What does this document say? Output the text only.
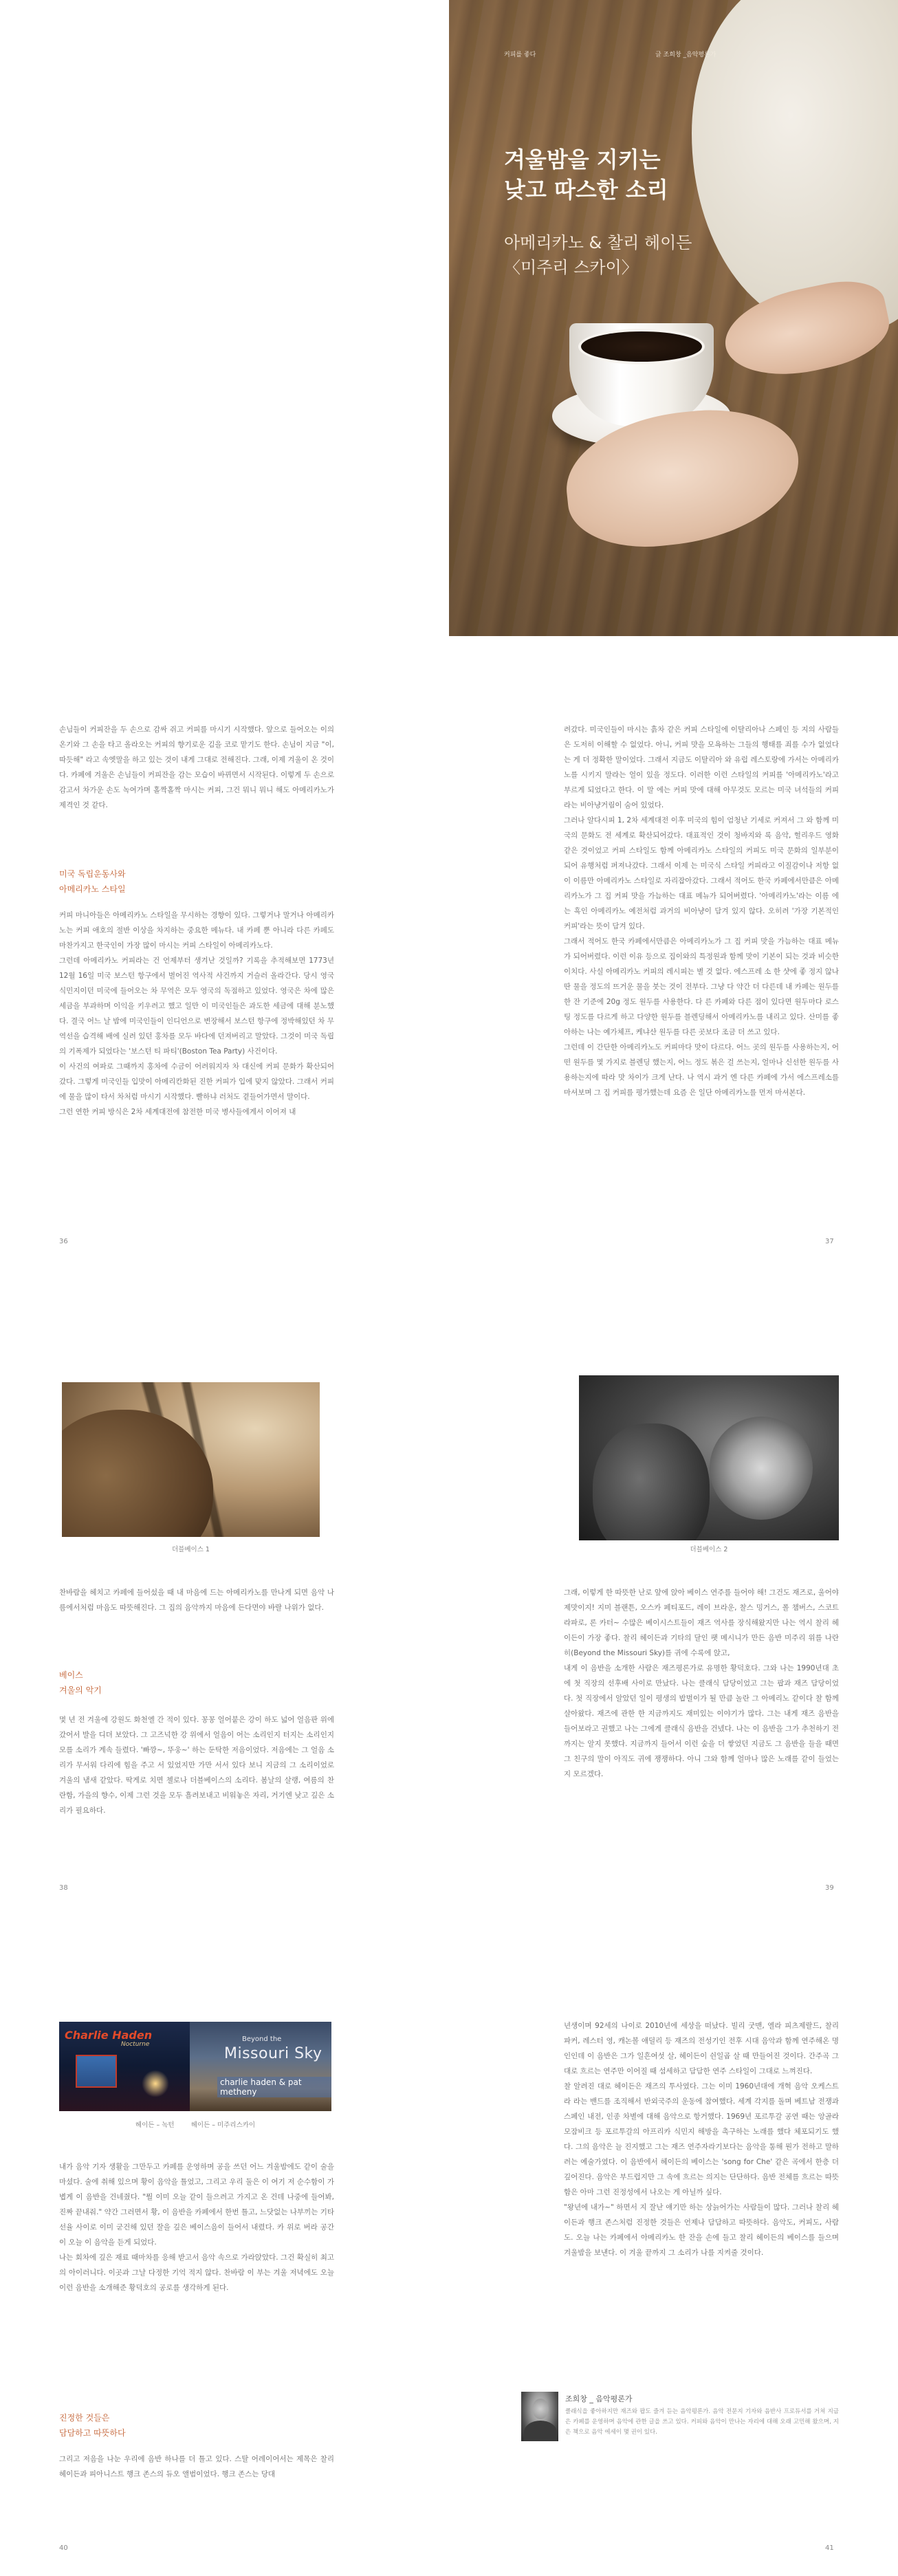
커피를 좋다	글 조희창 _음악평론가
겨울밤을 지키는
낮고 따스한 소리
아메리카노 & 찰리 헤이든
〈미주리 스카이〉
손님들이 커피잔을 두 손으로 감싸 쥐고 커피를 마시기 시작했다. 앞으로 들어오는 이의 온기와 그 손을 타고 올라오는 커피의 향기로운 김을 코로 맡기도 한다. 손님이 지금 "이, 따듯해" 라고 속엣말을 하고 있는 것이 내게 그대로 전해진다. 그래, 이제 겨울이 온 것이다. 카페에 겨울은 손님들이 커피잔을 감는 모습이 바뀌면서 시작된다. 이렇게 두 손으로 감고서 차가운 손도 녹여가며 홀짝홀짝 마시는 커피, 그건 뭐니 뭐니 해도 아메리카노가 제격인 것 같다.
미국 독립운동사와
아메리카노 스타일
커피 마니아들은 아메리카노 스타일을 무시하는 경향이 있다. 그렇거나 말거나 아메리카노는 커피 애호의 절반 이상을 차지하는 중요한 메뉴다. 내 카페 뿐 아니라 다른 카페도 마찬가지고 한국인이 가장 많이 마시는 커피 스타일이 아메리카노다.
그런데 아메리카노 커피라는 건 언제부터 생겨난 것일까? 기록을 추적해보면 1773년 12월 16일 미국 보스턴 항구에서 벌어진 역사적 사건까지 거슬러 올라간다. 당시 영국 식민지이던 미국에 들어오는 차 무역은 모두 영국의 독점하고 있었다. 영국은 차에 많은 세금을 부과하며 이익을 키우려고 했고 일만 이 미국인들은 과도한 세금에 대해 분노했다. 결국 어느 날 밤에 미국인들이 인디언으로 변장해서 보스턴 항구에 정박해있던 차 무역선을 습격해 배에 실려 있던 홍차를 모두 바다에 던져버리고 말았다. 그것이 미국 독립의 기폭제가 되었다는 '보스턴 티 파티'(Boston Tea Party) 사건이다.
이 사건의 여파로 그때까지 홍차에 수금이 어려워지자 차 대신에 커피 문화가 확산되어갔다. 그렇게 미국인들 입맛이 아메리칸화된 진한 커피가 입에 맞지 않았다. 그래서 커피에 물을 많이 타서 차처럼 마시기 시작했다. 빨하냐 러처도 곁들어가면서 말이다.
그런 연한 커피 방식은 2차 세계대전에 참전한 미국 병사들에게서 이어져 내
36
려갔다. 미국인들이 마시는 흙차 같은 커피 스타일에 이탈리아나 스페인 등 지의 사람들은 도저히 이해할 수 없었다. 아니, 커피 맛을 모욕하는 그들의 행태를 죄를 수가 없었다는 게 더 정확한 말이었다. 그래서 지금도 이탈리아 와 유럽 레스토랑에 가서는 아메리카노를 시키지 말라는 얼이 있을 정도다. 이러한 이런 스타일의 커피를 '아메리카노'라고 부르게 되었다고 한다. 이 말 에는 커피 맛에 대해 아무것도 모르는 미국 녀석들의 커피라는 비아냥거림이 숨어 있었다.
그러나 알다시피 1, 2차 세계대전 이후 미국의 힘이 엄청난 기세로 커져서 그 와 함께 미국의 문화도 전 세계로 확산되어갔다. 대표적인 것이 청바지와 록 음악, 헐리우드 영화 같은 것이었고 커피 스타일도 함께 아메리카노 스타일의 커피도 미국 문화의 일부분이 되어 유행처럼 퍼져나갔다. 그래서 이제 는 미국식 스타일 커피라고 이질감이나 저항 없이 이름만 아메리카노 스타일로 자리잡아갔다. 그래서 적어도 한국 카페에서만큼은 아메리카노가 그 집 커피 맛을 가늠하는 대표 메뉴가 되어버렸다. '아메리카노'라는 이름 에는 흑인 아메리카노 예전처럼 과거의 비아냥이 담겨 있지 않다. 오히려 '가장 기본적인 커피'라는 뜻이 담겨 있다.
그래서 적어도 한국 카페에서만큼은 아메리카노가 그 집 커피 맛을 가늠하는 대표 메뉴가 되어버렸다. 이런 이유 등으로 집이와의 특정원과 함께 맛이 기본이 되는 것과 비슷한 이치다. 사실 아메리카노 커피의 레시피는 별 것 없다. 에스프레 소 한 샷에 좋 정지 않나 딴 물을 정도의 뜨거운 물을 붓는 것이 전부다. 그냥 다 약간 더 다른데 내 카페는 원두를 한 잔 기준에 20g 정도 원두를 사용한다. 다 른 카페와 다른 점이 있다면 원두마다 로스팅 정도를 다르게 하고 다양한 원두를 블렌딩해서 아메리카노를 내리고 있다. 산미를 좋아하는 나는 예가체프, 케냐산 원두를 다른 곳보다 조금 더 쓰고 있다.
그런데 이 간단한 아메리카노도 커피마다 맛이 다르다. 어느 곳의 원두를 사용하는지, 어떤 원두를 몇 가지로 블렌딩 했는지, 어느 정도 볶은 걸 쓰는지, 얼마나 신선한 원두를 사용하는지에 따라 맛 차이가 크게 난다. 나 역시 과거 엔 다른 카페에 가서 에스프레소를 마셔보며 그 집 커피를 평가했는데 요즘 은 일단 아메리카노를 먼저 마셔본다.
37
더블베이스 1
찬바람을 헤치고 카페에 들어섰을 때 내 마음에 드는 아메리카노를 만나게 되면 음악 나름에서처럼 마음도 따뜻해진다. 그 집의 음악까지 마음에 든다면야 바랄 나위가 없다.
베이스
겨울의 악기
몇 년 전 겨울에 강원도 화천엘 간 적이 있다. 꽁꽁 얼어붙은 강이 하도 넓어 얼음판 위에 갔어서 발을 디뎌 보았다. 그 고즈넉한 강 위에서 얼음이 어는 소리인지 터지는 소리인지 모를 소리가 계속 들렸다. '빠깡~, 뚜웅~' 하는 둔탁한 저음이었다. 저음에는 그 얼음 소리가 무서워 다리에 힘을 주고 서 있었지만 가만 서서 있다 보니 지금의 그 소리이었로 겨울의 냄새 같았다. 딱게로 치면 첼로나 더블베이스의 소리다. 봄날의 살랭, 여름의 찬란함, 가을의 향수, 이제 그런 것을 모두 흘려보내고 비워놓은 자리, 거기엔 낮고 깊은 소리가 필요하다.
38
더블베이스 2
그래, 이렇게 한 따뜻한 난로 앞에 앉아 베이스 연주를 들어야 해! 그건도 재즈로, 울어야 제맛이지! 지미 블랜튼, 오스카 페티포드, 레이 브라운, 찰스 밍거스, 폴 챔버스, 스코트 라파로, 론 카터~ 수많은 베이시스트들이 재즈 역사를 장식해왔지만 나는 역시 찰리 헤이든이 가장 좋다. 찰리 헤이든과 기타의 달인 팻 메시니가 만든 음반 미주리 위를 나란히(Beyond the Missouri Sky)를 귀에 수록에 앉고,
내게 이 음반을 소개한 사람은 재즈평론가로 유명한 황덕호다. 그와 나는 1990년대 초에 첫 직장의 선후배 사이로 만났다. 나는 클래식 담당이었고 그는 팝과 재즈 담당이었다. 첫 직장에서 알았던 일이 평생의 밥벌이가 될 만큼 놀란 그 아메리노 같이다 찰 함께 살아왔다. 재즈에 관한 한 지금까지도 재미있는 이야기가 많다. 그는 내게 재즈 음반을 들어보라고 권했고 나는 그에게 클래식 음반을 건넸다. 나는 이 음반을 그가 추천하기 전까지는 알지 못했다. 지금까지 들어서 이런 숲을 더 쌓었던 지금도 그 음반을 들을 때면 그 친구의 말이 아직도 귀에 쟁쟁하다. 아니 그와 함께 얼마나 많은 노래를 같이 들었는지 모르겠다.
39
Charlie Haden
Nocturne
Beyond the
Missouri Sky
charlie haden & pat metheny
헤이든 – 녹턴        헤이든 – 미주리스카이
내가 음악 기자 생활을 그만두고 카페를 운영하며 공을 쓰던 어느 겨울밤에도 같이 술을 마셨다. 술에 취해 있으며 황이 음악을 틀었고, 그리고 우리 둘은 이 여기 저 순수함이 가볍게 이 음반을 건네줬다. "뭘 이미 오늘 같이 들으려고 가지고 온 건데 나중에 들어봐, 진짜 끝내줘." 약간 그러면서 황, 이 음반을 카페에서 한번 틀고, 느닷없는 나부끼는 기타 선율 사이로 이미 굳건해 있던 잘을 깊은 베이스음이 들어서 내렸다. 카 위로 버라 공간이 오늘 이 음악을 듣게 되었다.
나는 회차에 깊은 재료 때마차를 응해 받고서 음악 속으로 가라앉았다. 그건 확실히 최고의 아이러니다. 이곳과 그날 다정한 기억 적지 않다. 찬바람 이 부는 겨울 저녁에도 오늘 이런 음반을 소개해준 황덕호의 공로를 생각하게 된다.
진정한 것들은
담담하고 따뜻하다
그리고 저음을 나눈 우리에 음반 하나를 더 틀고 있다. 스탈 어레이어서는 제목은 찰리 헤이든과 피아니스트 행크 존스의 듀오 앨범이었다. 행크 존스는 당대
40
년생이며 92세의 나이로 2010년에 세상을 떠났다. 빌리 굿맨, 엘라 피츠제랄드, 찰리 파커, 레스터 영, 캐논볼 애덜리 등 재즈의 전성기인 전후 시대 음악과 함께 연주해온 명인인데 이 음반은 그가 일흔여섯 살, 헤이든이 쉰일곱 살 때 만들어진 것이다. 간주곡 그대로 흐르는 연주만 이어질 때 섬세하고 담담한 연주 스타일이 그대로 느껴진다.
찰 알려진 대로 헤이든은 재즈의 투사였다. 그는 이미 1960년대에 개혁 음악 오케스트라 라는 밴드를 조직해서 반외국주의 운동에 참여했다. 세계 각지를 돌며 베트남 전쟁과 스페인 내전, 인종 차별에 대해 음악으로 항거했다. 1969년 포르투갈 공연 때는 앙골라 모잠비크 등 포르투갈의 아프리카 식민지 해방을 촉구하는 노래를 했다 체포되기도 했다. 그의 음악은 늘 진지했고 그는 재즈 연주자라기보다는 음악을 통해 뭔가 전하고 말하려는 예술가였다. 이 음반에서 헤이든의 베이스는 'song for Che' 같은 곡에서 한층 더 깊어진다. 음악은 부드럽지만 그 속에 흐르는 의지는 단단하다. 음반 전체를 흐르는 따뜻함은 아마 그런 진정성에서 나오는 게 아닐까 싶다.
"왕년에 내가~" 하면서 지 잘난 얘기만 하는 상늙어가는 사람들이 많다. 그러나 찰리 헤이든과 행크 존스처럼 진정한 것들은 언제나 담담하고 따뜻하다. 음악도, 커피도, 사람도. 오늘 나는 카페에서 아메리카노 한 잔을 손에 들고 찰리 헤이든의 베이스를 들으며 겨울밤을 보낸다. 이 겨울 끝까지 그 소리가 나를 지켜줄 것이다.
조희창 _ 음악평론가
클래식을 좋아하지만 재즈와 팝도 즐겨 듣는 음악평론가. 음악 전문지 기자와 음반사 프로듀서를 거쳐 지금은 카페를 운영하며 음악에 관한 글을 쓰고 있다. 커피와 음악이 만나는 자리에 대해 오래 고민해 왔으며, 지은 책으로 음악 에세이 몇 권이 있다.
41
